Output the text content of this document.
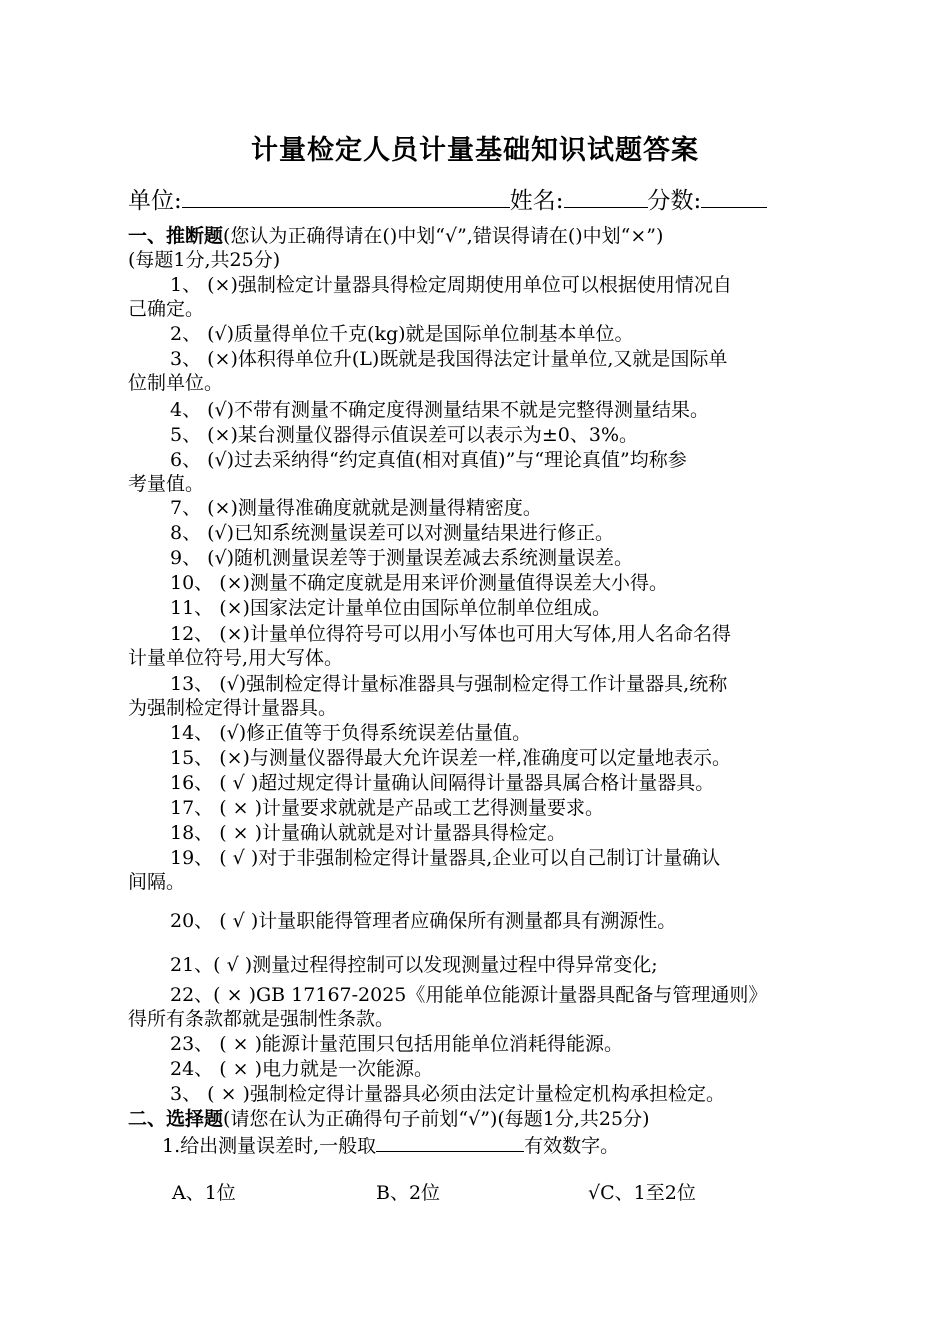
计量检定人员计量基础知识试题答案
单位:	姓名:	分数:
一、推断题(您认为正确得请在()中划“√”,错误得请在()中划“×”)
(每题1分,共25分)
1、 (×)强制检定计量器具得检定周期使用单位可以根据使用情况自
己确定。
2、 (√)质量得单位千克(kg)就是国际单位制基本单位。
3、 (×)体积得单位升(L)既就是我国得法定计量单位,又就是国际单
位制单位。
4、 (√)不带有测量不确定度得测量结果不就是完整得测量结果。
5、 (×)某台测量仪器得示值误差可以表示为±0、3%。
6、 (√)过去采纳得“约定真值(相对真值)”与“理论真值”均称参
考量值。
7、 (×)测量得准确度就就是测量得精密度。
8、 (√)已知系统测量误差可以对测量结果进行修正。
9、 (√)随机测量误差等于测量误差减去系统测量误差。
10、 (×)测量不确定度就是用来评价测量值得误差大小得。
11、 (×)国家法定计量单位由国际单位制单位组成。
12、 (×)计量单位得符号可以用小写体也可用大写体,用人名命名得
计量单位符号,用大写体。
13、 (√)强制检定得计量标准器具与强制检定得工作计量器具,统称
为强制检定得计量器具。
14、 (√)修正值等于负得系统误差估量值。
15、 (×)与测量仪器得最大允许误差一样,准确度可以定量地表示。
16、 ( √ )超过规定得计量确认间隔得计量器具属合格计量器具。
17、 ( × )计量要求就就是产品或工艺得测量要求。
18、 ( × )计量确认就就是对计量器具得检定。
19、 ( √ )对于非强制检定得计量器具,企业可以自己制订计量确认
间隔。
20、 ( √ )计量职能得管理者应确保所有测量都具有溯源性。
21、( √ )测量过程得控制可以发现测量过程中得异常变化;
22、( × )GB 17167-2025《用能单位能源计量器具配备与管理通则》
得所有条款都就是强制性条款。
23、 ( × )能源计量范围只包括用能单位消耗得能源。
24、 ( × )电力就是一次能源。
3、 ( × )强制检定得计量器具必须由法定计量检定机构承担检定。
二、选择题(请您在认为正确得句子前划“√”)(每题1分,共25分)
1.给出测量误差时,一般取	有效数字。
A、1位	B、2位	√C、1至2位
